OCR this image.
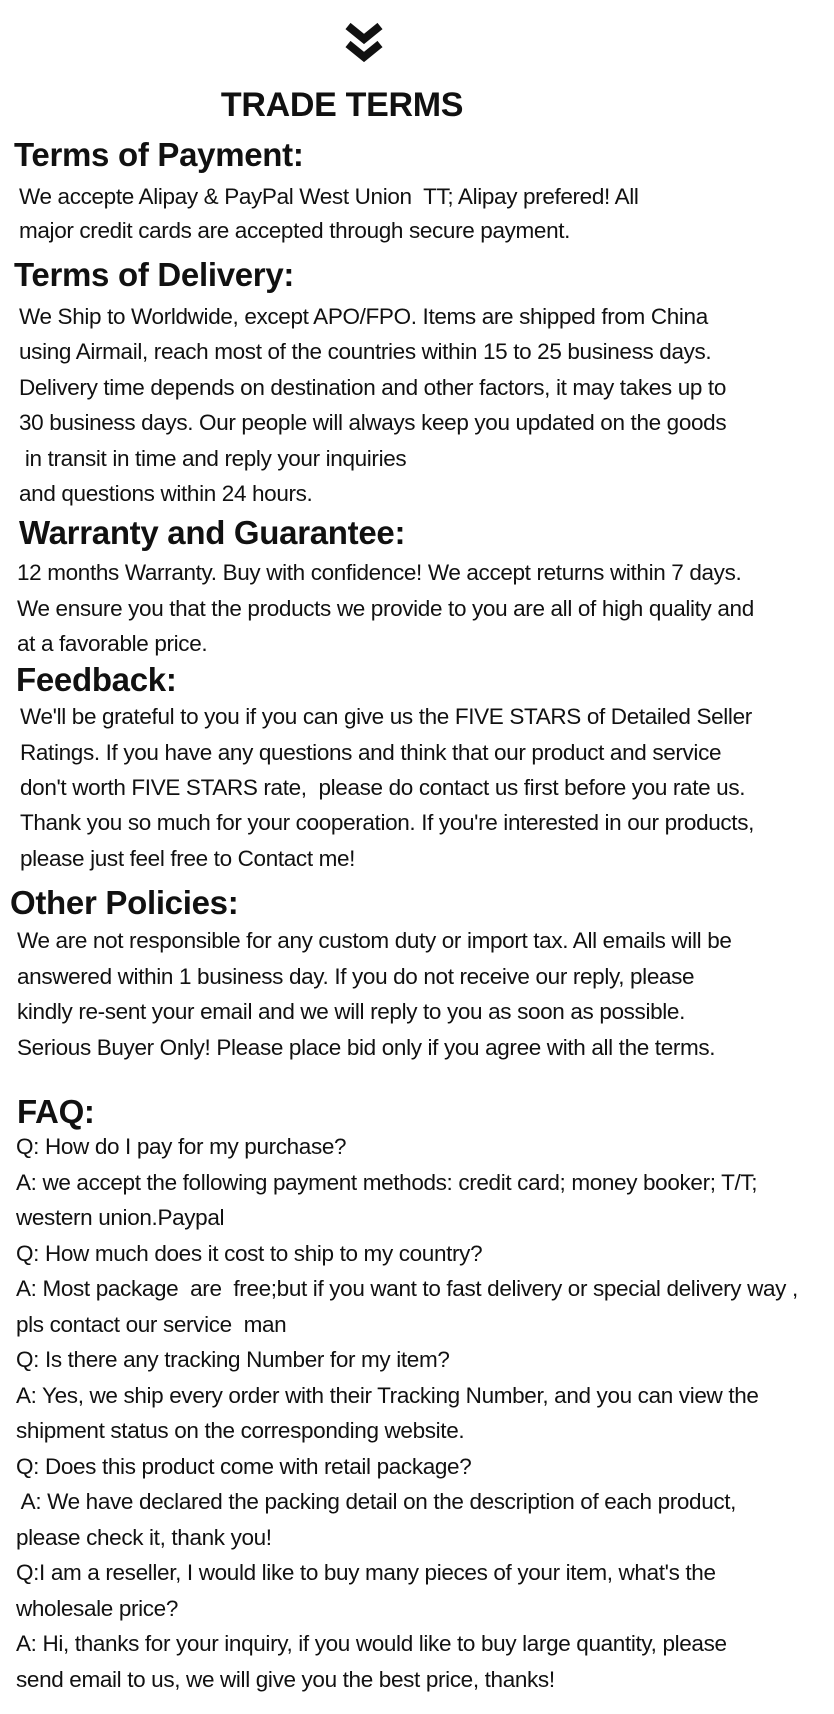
TRADE TERMS
Terms of Payment:
We accepte Alipay & PayPal West Union  TT; Alipay prefered! All
major credit cards are accepted through secure payment.
Terms of Delivery:
We Ship to Worldwide, except APO/FPO. Items are shipped from China
using Airmail, reach most of the countries within 15 to 25 business days.
Delivery time depends on destination and other factors, it may takes up to
30 business days. Our people will always keep you updated on the goods
in transit in time and reply your inquiries
and questions within 24 hours.
Warranty and Guarantee:
12 months Warranty. Buy with confidence! We accept returns within 7 days.
We ensure you that the products we provide to you are all of high quality and
at a favorable price.
Feedback:
We'll be grateful to you if you can give us the FIVE STARS of Detailed Seller
Ratings. If you have any questions and think that our product and service
don't worth FIVE STARS rate,  please do contact us first before you rate us.
Thank you so much for your cooperation. If you're interested in our products,
please just feel free to Contact me!
Other Policies:
We are not responsible for any custom duty or import tax. All emails will be
answered within 1 business day. If you do not receive our reply, please
kindly re-sent your email and we will reply to you as soon as possible.
Serious Buyer Only! Please place bid only if you agree with all the terms.
FAQ:
Q: How do I pay for my purchase?
A: we accept the following payment methods: credit card; money booker; T/T;
western union.Paypal
Q: How much does it cost to ship to my country?
A: Most package  are  free;but if you want to fast delivery or special delivery way ,
pls contact our service  man
Q: Is there any tracking Number for my item?
A: Yes, we ship every order with their Tracking Number, and you can view the
shipment status on the corresponding website.
Q: Does this product come with retail package?
A: We have declared the packing detail on the description of each product,
please check it, thank you!
Q:I am a reseller, I would like to buy many pieces of your item, what's the
wholesale price?
A: Hi, thanks for your inquiry, if you would like to buy large quantity, please
send email to us, we will give you the best price, thanks!
